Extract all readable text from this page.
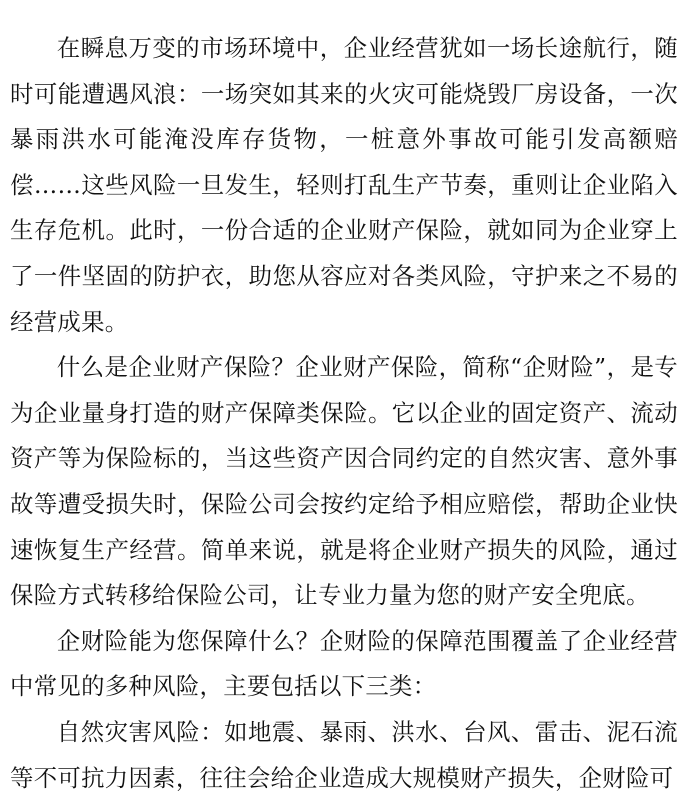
在瞬息万变的市场环境中，企业经营犹如一场长途航行，随时可能遭遇风浪：一场突如其来的火灾可能烧毁厂房设备，一次暴雨洪水可能淹没库存货物，一桩意外事故可能引发高额赔偿……这些风险一旦发生，轻则打乱生产节奏，重则让企业陷入生存危机。此时，一份合适的企业财产保险，就如同为企业穿上了一件坚固的防护衣，助您从容应对各类风险，守护来之不易的经营成果。

什么是企业财产保险？企业财产保险，简称“企财险”，是专为企业量身打造的财产保障类保险。它以企业的固定资产、流动资产等为保险标的，当这些资产因合同约定的自然灾害、意外事故等遭受损失时，保险公司会按约定给予相应赔偿，帮助企业快速恢复生产经营。简单来说，就是将企业财产损失的风险，通过保险方式转移给保险公司，让专业力量为您的财产安全兜底。

企财险能为您保障什么？企财险的保障范围覆盖了企业经营中常见的多种风险，主要包括以下三类：

自然灾害风险：如地震、暴雨、洪水、台风、雷击、泥石流等不可抗力因素，往往会给企业造成大规模财产损失，企财险可
